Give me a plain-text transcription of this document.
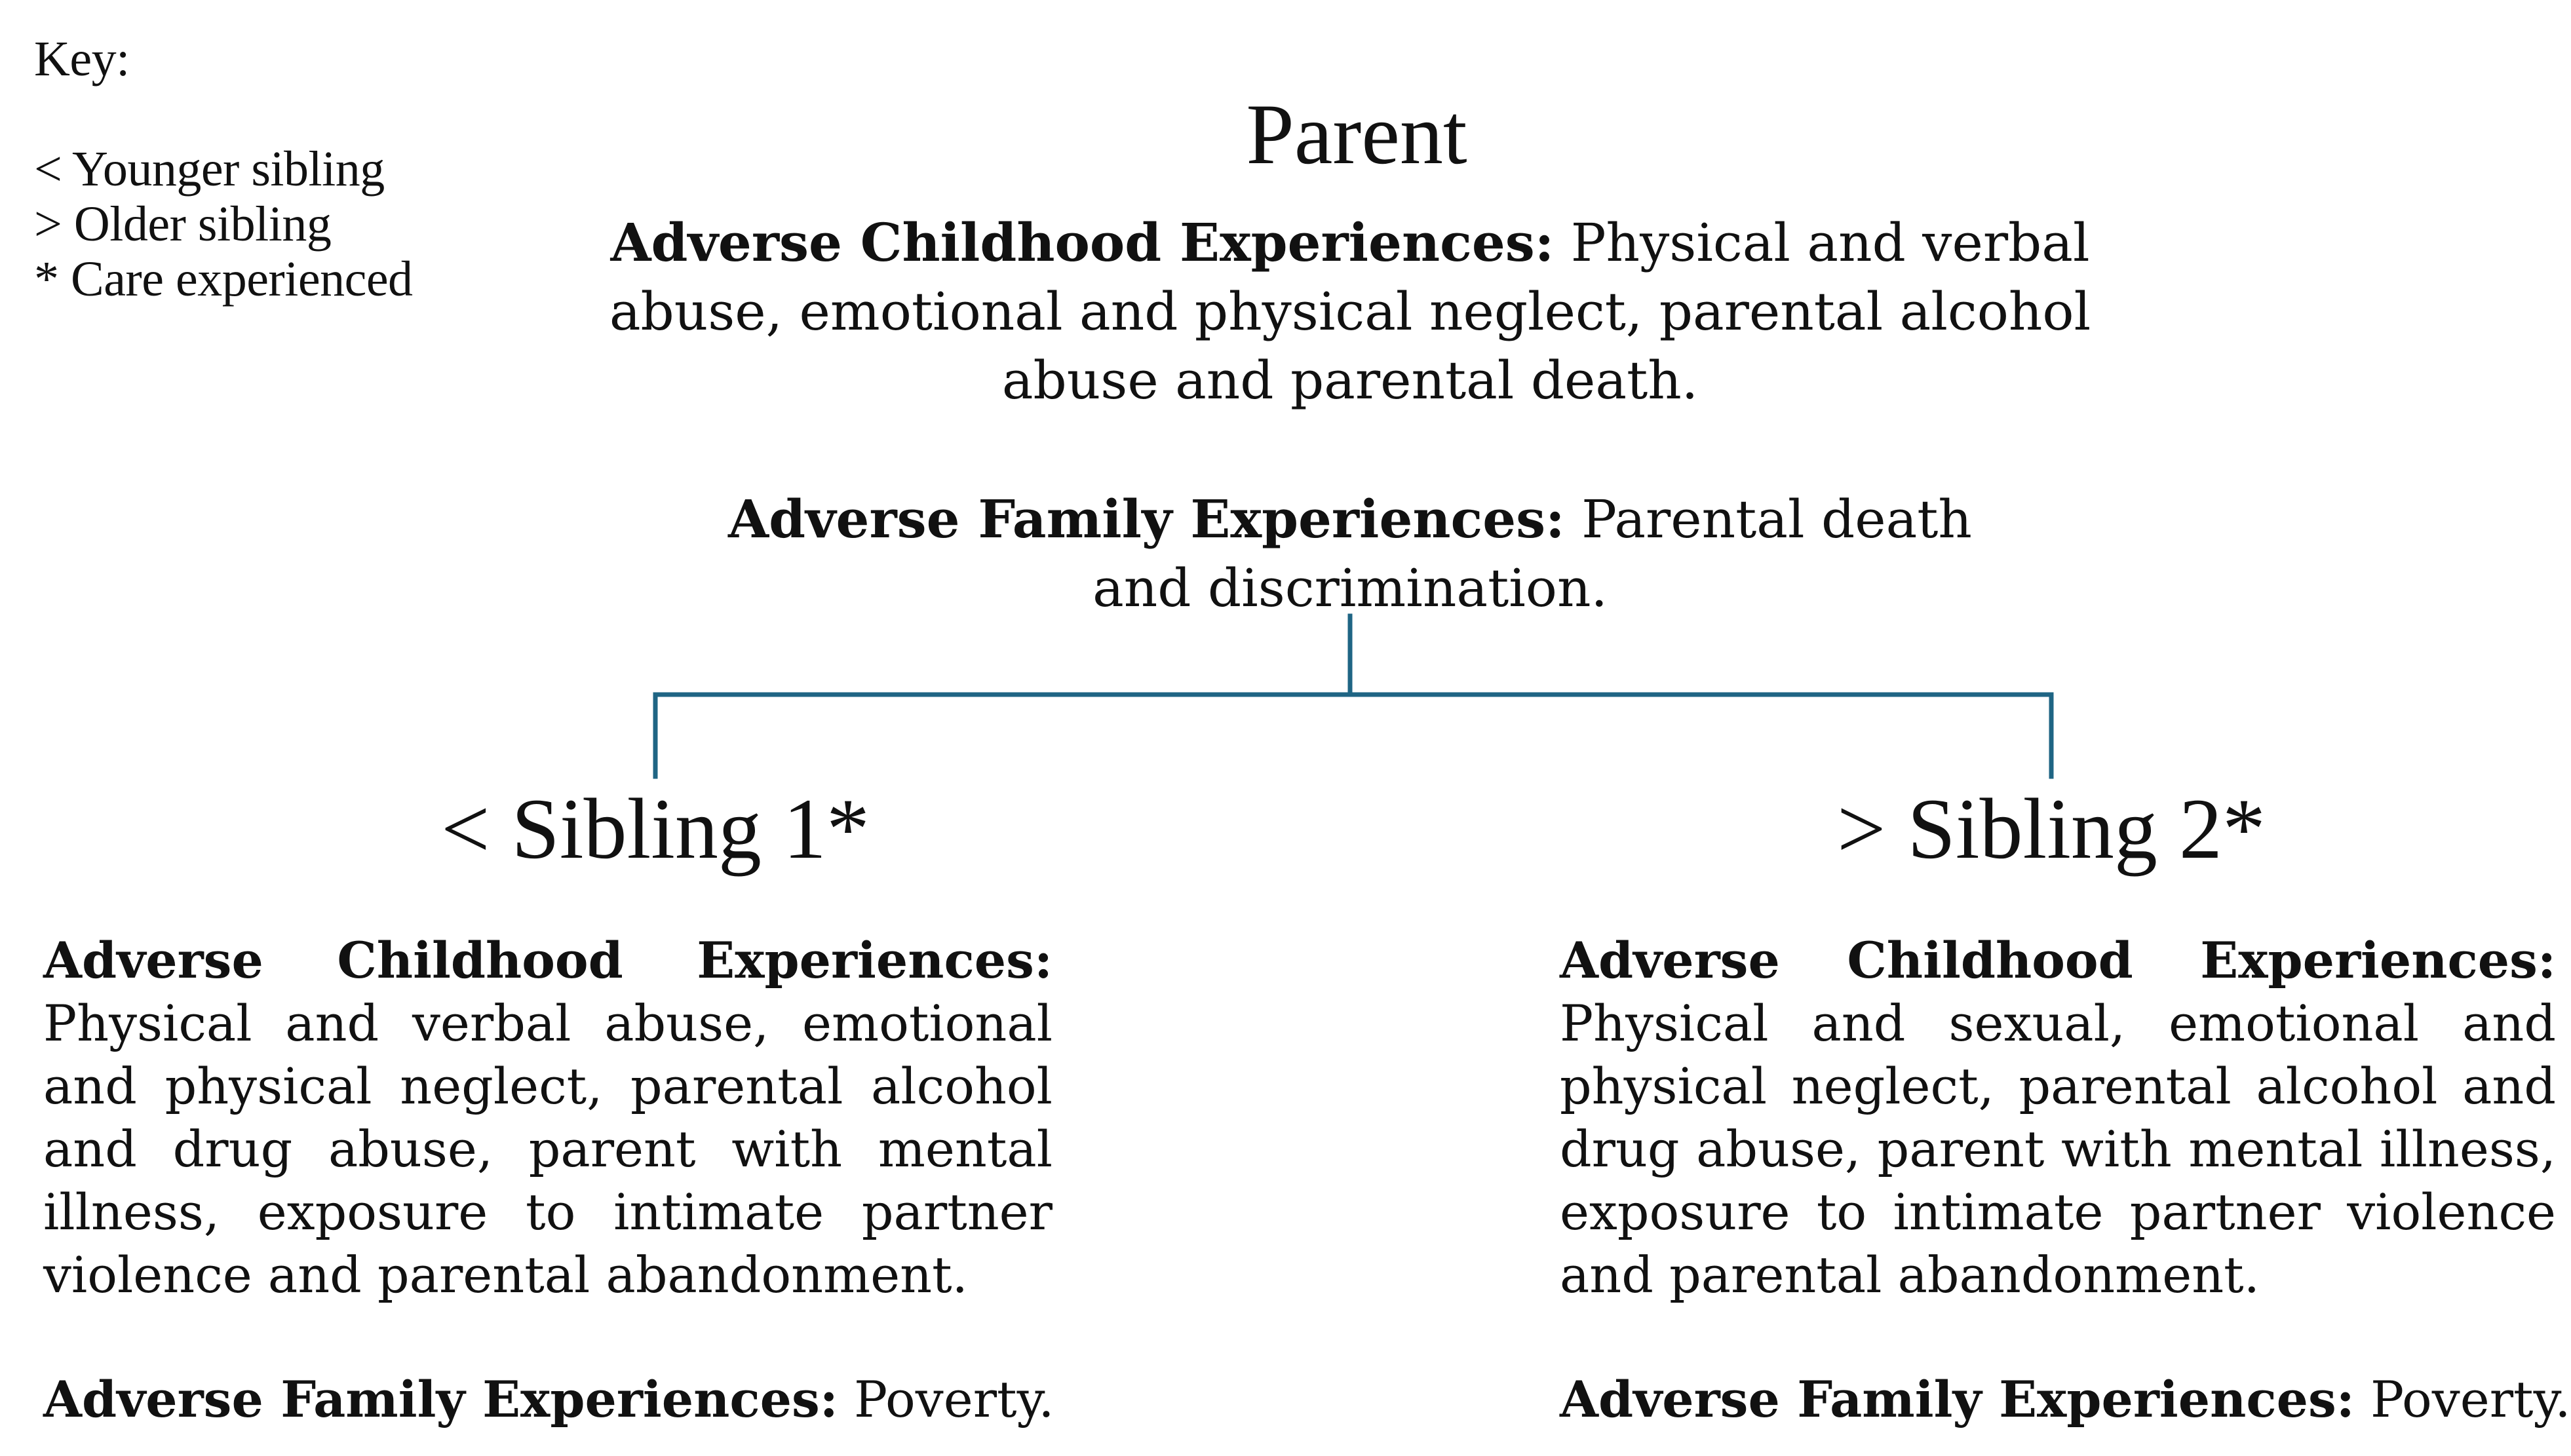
Key:
< Younger sibling
> Older sibling
* Care experienced
Parent
Adverse Childhood Experiences: Physical and verbal abuse, emotional and physical neglect, parental alcohol abuse and parental death.
Adverse Family Experiences: Parental death and discrimination.
< Sibling 1*
Adverse Childhood Experiences: Physical and verbal abuse, emotional and physical neglect, parental alcohol and drug abuse, parent with mental illness, exposure to intimate partner violence and parental abandonment.
Adverse Family Experiences: Poverty.
> Sibling 2*
Adverse Childhood Experiences: Physical and sexual, emotional and physical neglect, parental alcohol and drug abuse, parent with mental illness, exposure to intimate partner violence and parental abandonment.
Adverse Family Experiences: Poverty.
